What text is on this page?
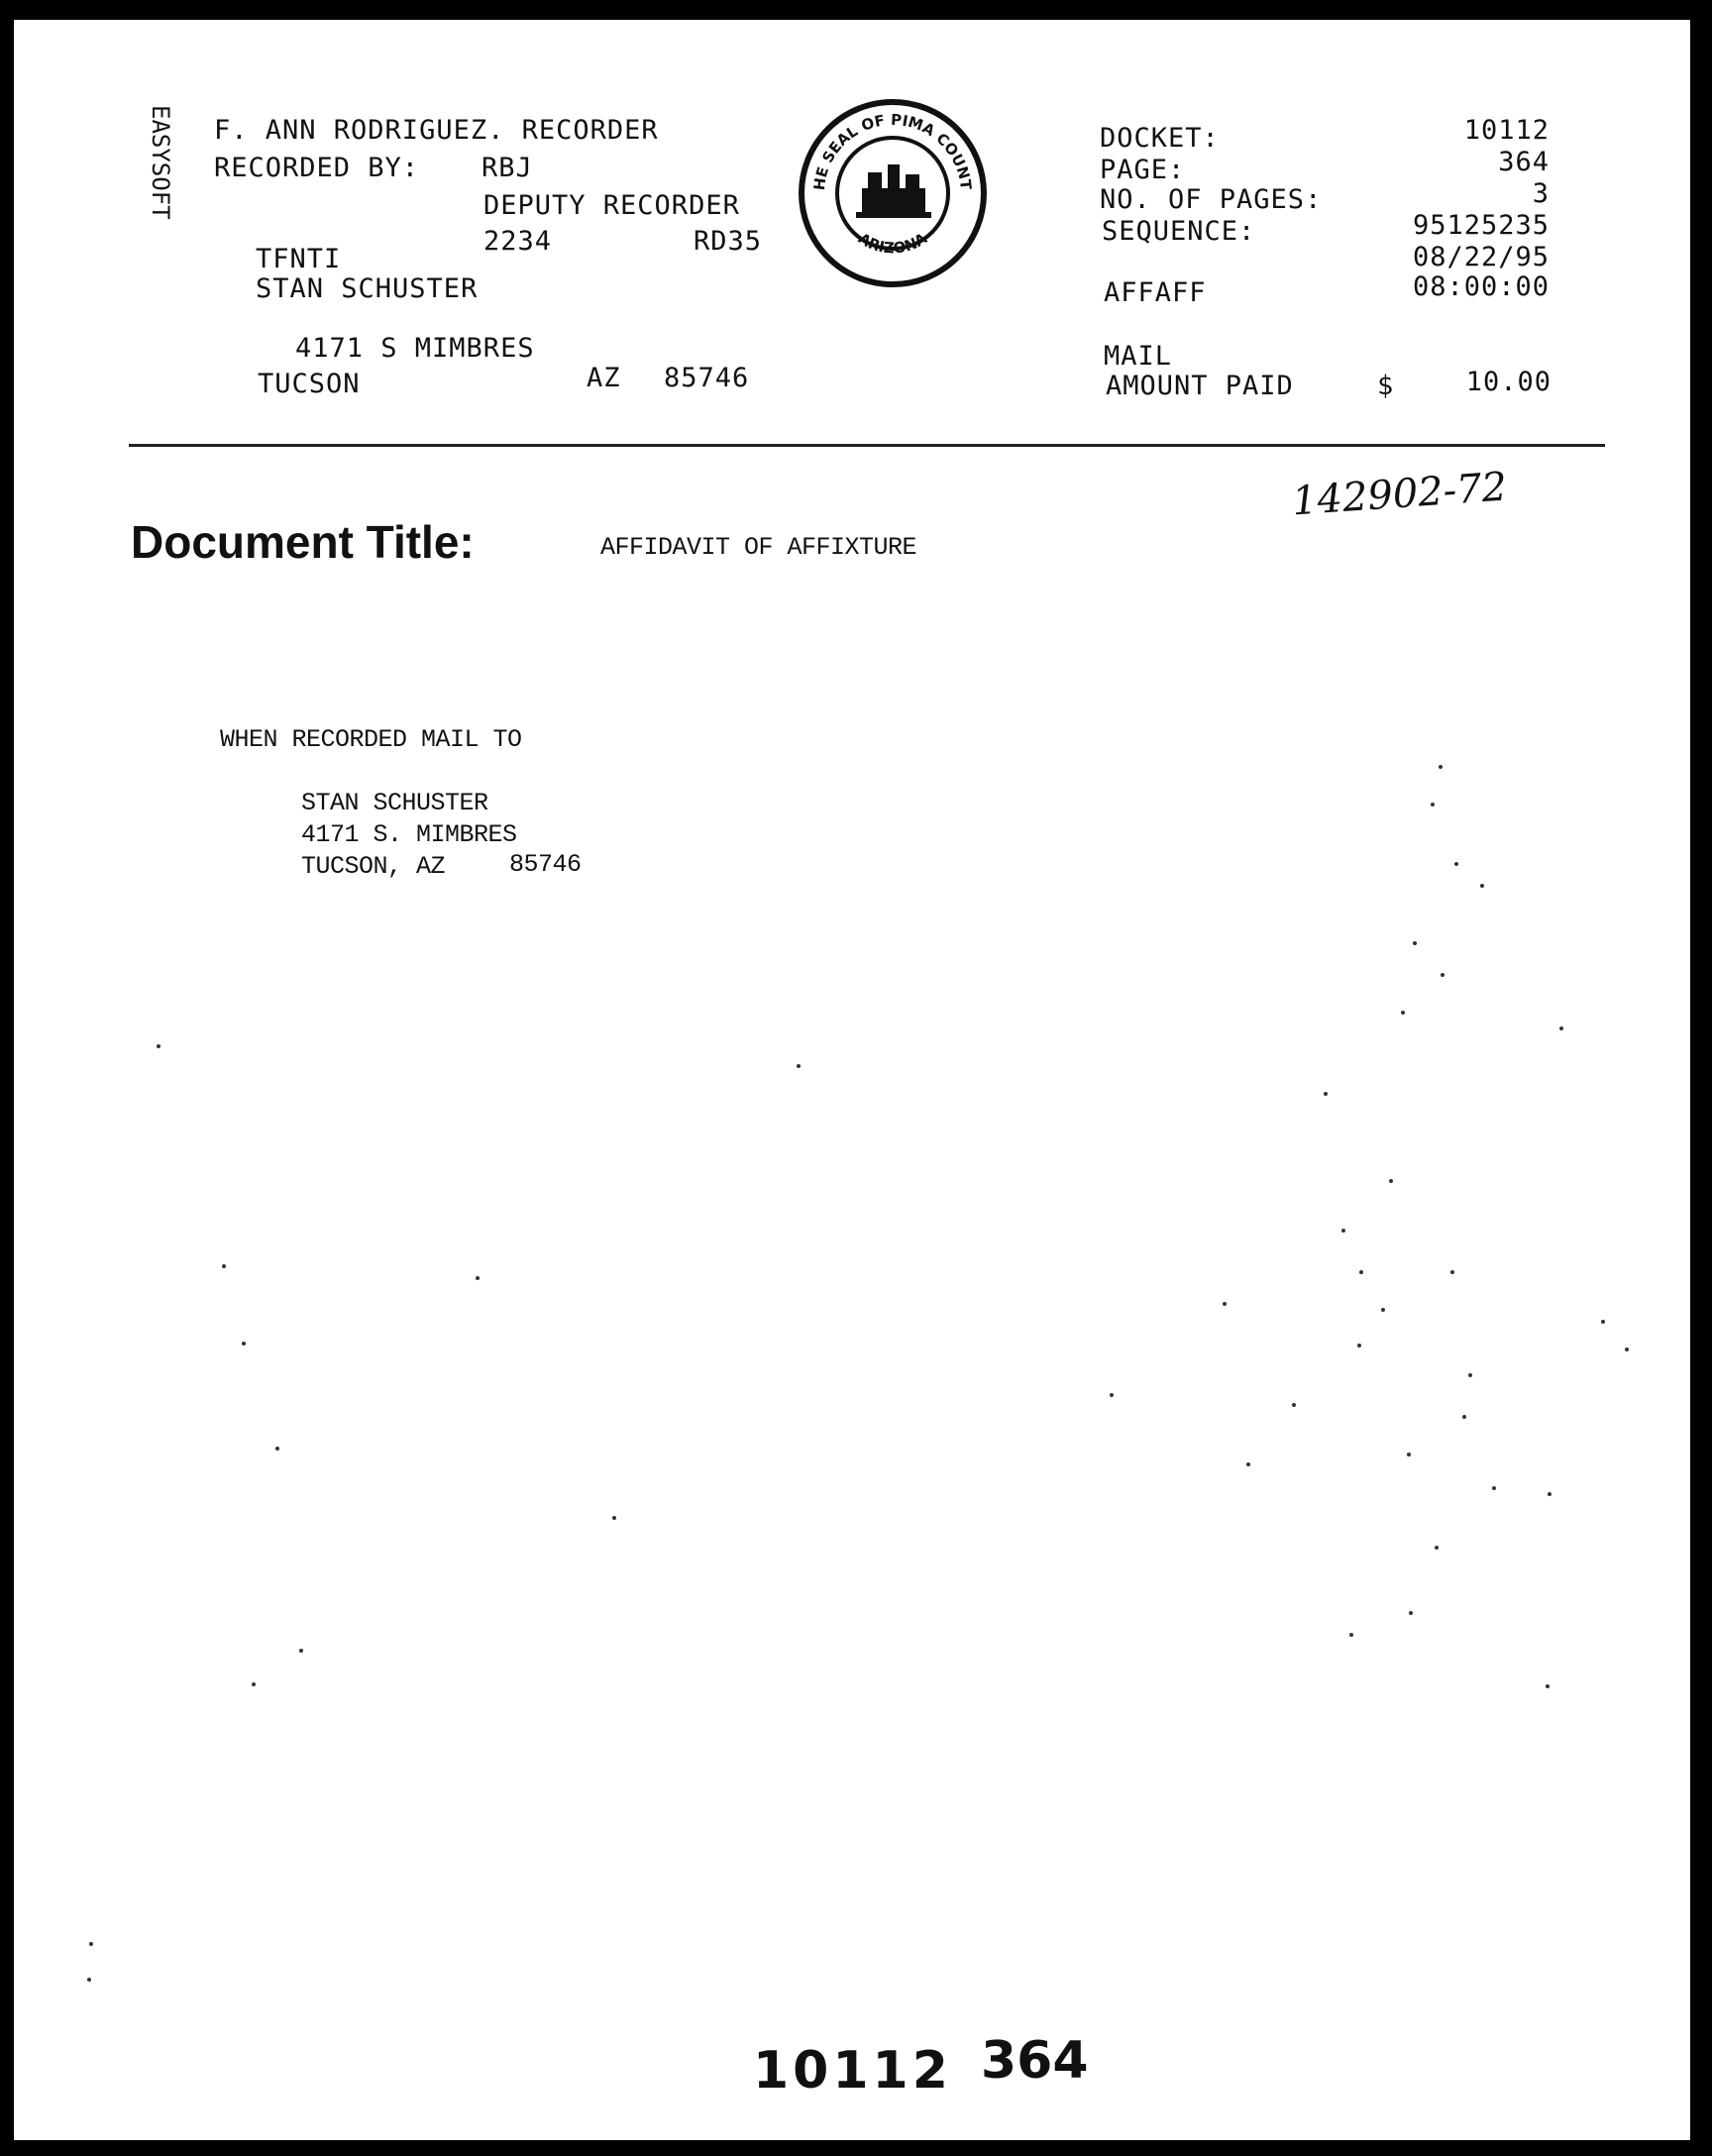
EASYSOFT F. ANN RODRIGUEZ. RECORDER
RECORDED BY: RBJ
DEPUTY RECORDER
2234	RD35
TFNTI
STAN SCHUSTER
4171 S MIMBRES
TUCSON	AZ 85746
HE SEAL OF PIMA COUNT
ARIZONA
DOCKET:	10112
PAGE:	364
NO. OF PAGES:	3
SEQUENCE:	95125235
08/22/95
AFFAFF	08:00:00
MAIL
AMOUNT PAID	$	10.00
142902-72
Document Title:	AFFIDAVIT OF AFFIXTURE
WHEN RECORDED MAIL TO
STAN SCHUSTER
4171 S. MIMBRES
TUCSON, AZ	85746
10112 364
